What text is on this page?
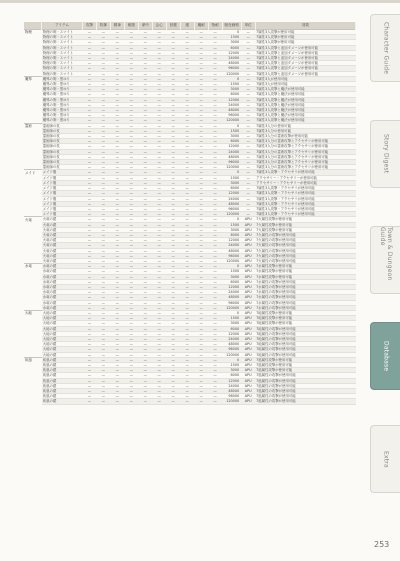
	アイテム	攻撃	防御	精神	敏捷	命中	会心	回避	運	魔耐	物耐	販売価格	単位	効果
物理	物理の剣・スマイト	—	—	—	—	—	—	—	—	—	—	0	—	7属性3人攻撃が使用可能
	物理の剣・スマイト	—	—	—	—	—	—	—	—	—	—	1500	—	7属性3人攻撃が使用可能
	物理の剣・スマイト	—	—	—	—	—	—	—	—	—	—	3000	—	7属性3人攻撃が使用可能
	物理の剣・スマイト	—	—	—	—	—	—	—	—	—	—	6000	—	7属性3人攻撃と追加ダメージが使用可能
	物理の剣・スマイト	—	—	—	—	—	—	—	—	—	—	12000	—	7属性3人攻撃と追加ダメージが使用可能
	物理の剣・スマイト	—	—	—	—	—	—	—	—	—	—	24000	—	7属性3人攻撃と追加ダメージが使用可能
	物理の剣・スマイト	—	—	—	—	—	—	—	—	—	—	48000	—	7属性3人攻撃と追加ダメージが使用可能
	物理の剣・スマイト	—	—	—	—	—	—	—	—	—	—	96000	—	7属性3人攻撃と追加ダメージが使用可能
	物理の剣・スマイト	—	—	—	—	—	—	—	—	—	—	120000	—	7属性3人攻撃と追加ダメージが使用可能
魔導	魔導の剣・黒ゆり	—	—	—	—	—	—	—	—	—	—	0	—	7属性3人が使用可能
	魔導の剣・黒ゆり	—	—	—	—	—	—	—	—	—	—	1500	—	7属性3人が使用可能
	魔導の剣・黒ゆり	—	—	—	—	—	—	—	—	—	—	3000	—	7属性3人攻撃と魔法が使用可能
	魔導の剣・黒ゆり	—	—	—	—	—	—	—	—	—	—	6000	—	7属性3人攻撃と魔法が使用可能
	魔導の剣・黒ゆり	—	—	—	—	—	—	—	—	—	—	12000	—	7属性3人攻撃と魔法が使用可能
	魔導の剣・黒ゆり	—	—	—	—	—	—	—	—	—	—	24000	—	7属性3人攻撃と魔法が使用可能
	魔導の剣・黒ゆり	—	—	—	—	—	—	—	—	—	—	48000	—	7属性3人攻撃と魔法が使用可能
	魔導の剣・黒ゆり	—	—	—	—	—	—	—	—	—	—	96000	—	7属性3人攻撃と魔法が使用可能
	魔導の剣・黒ゆり	—	—	—	—	—	—	—	—	—	—	120000	—	7属性3人攻撃と魔法が使用可能
霊術	霊術師の杖	—	—	—	—	—	—	—	—	—	—	0	—	7属性3人分の使用可能
	霊術師の杖	—	—	—	—	—	—	—	—	—	—	1500	—	7属性3人分の使用可能
	霊術師の杖	—	—	—	—	—	—	—	—	—	—	3000	—	7属性3人分の霊術攻撃が使用可能
	霊術師の杖	—	—	—	—	—	—	—	—	—	—	6000	—	7属性3人分の霊術攻撃とアクセサリが使用可能
	霊術師の杖	—	—	—	—	—	—	—	—	—	—	12000	—	7属性3人分の霊術攻撃とアクセサリが使用可能
	霊術師の杖	—	—	—	—	—	—	—	—	—	—	24000	—	7属性3人分の霊術攻撃とアクセサリが使用可能
	霊術師の杖	—	—	—	—	—	—	—	—	—	—	48000	—	7属性3人分の霊術攻撃とアクセサリが使用可能
	霊術師の杖	—	—	—	—	—	—	—	—	—	—	96000	—	7属性3人分の霊術攻撃とアクセサリが使用可能
	霊術師の杖	—	—	—	—	—	—	—	—	—	—	120000	—	7属性3人分の霊術攻撃とアクセサリが使用可能
メイド	メイド服	—	—	—	—	—	—	—	—	—	—	0	—	7属性3人攻撃・アクセサリが使用可能
	メイド服	—	—	—	—	—	—	—	—	—	—	1500	—	アクセサリー・アクセサリーが使用可能
	メイド服	—	—	—	—	—	—	—	—	—	—	3000	—	アクセサリー・アクセサリーが使用可能
	メイド服	—	—	—	—	—	—	—	—	—	—	6000	—	7属性3人攻撃・アクセサリが使用可能
	メイド服	—	—	—	—	—	—	—	—	—	—	12000	—	7属性3人攻撃・アクセサリが使用可能
	メイド服	—	—	—	—	—	—	—	—	—	—	24000	—	7属性3人攻撃・アクセサリが使用可能
	メイド服	—	—	—	—	—	—	—	—	—	—	48000	—	7属性3人攻撃・アクセサリが使用可能
	メイド服	—	—	—	—	—	—	—	—	—	—	96000	—	7属性3人攻撃・アクセサリが使用可能
	メイド服	—	—	—	—	—	—	—	—	—	—	120000	—	7属性3人攻撃・アクセサリが使用可能
火竜	火竜の鎧	—	—	—	—	—	—	—	—	—	—	0	APU	7火属性攻撃が使用可能
	火竜の鎧	—	—	—	—	—	—	—	—	—	—	1500	APU	7火属性攻撃が使用可能
	火竜の鎧	—	—	—	—	—	—	—	—	—	—	3000	APU	7火属性攻撃が使用可能
	火竜の鎧	—	—	—	—	—	—	—	—	—	—	6000	APU	7火属性の攻撃が使用可能
	火竜の鎧	—	—	—	—	—	—	—	—	—	—	12000	APU	7火属性の攻撃が使用可能
	火竜の鎧	—	—	—	—	—	—	—	—	—	—	24000	APU	7火属性の攻撃が使用可能
	火竜の鎧	—	—	—	—	—	—	—	—	—	—	48000	APU	7火属性の攻撃が使用可能
	火竜の鎧	—	—	—	—	—	—	—	—	—	—	96000	APU	7火属性の攻撃が使用可能
	火竜の鎧	—	—	—	—	—	—	—	—	—	—	120000	APU	7火属性の攻撃が使用可能
水竜	水竜の鎧	—	—	—	—	—	—	—	—	—	—	0	APU	7水属性攻撃が使用可能
	水竜の鎧	—	—	—	—	—	—	—	—	—	—	1500	APU	7水属性攻撃が使用可能
	水竜の鎧	—	—	—	—	—	—	—	—	—	—	3000	APU	7水属性攻撃が使用可能
	水竜の鎧	—	—	—	—	—	—	—	—	—	—	6000	APU	7水属性の攻撃が使用可能
	水竜の鎧	—	—	—	—	—	—	—	—	—	—	12000	APU	7水属性の攻撃が使用可能
	水竜の鎧	—	—	—	—	—	—	—	—	—	—	24000	APU	7水属性の攻撃が使用可能
	水竜の鎧	—	—	—	—	—	—	—	—	—	—	48000	APU	7水属性の攻撃が使用可能
	水竜の鎧	—	—	—	—	—	—	—	—	—	—	96000	APU	7水属性の攻撃が使用可能
	水竜の鎧	—	—	—	—	—	—	—	—	—	—	120000	APU	7水属性の攻撃が使用可能
大地	大地の鎧	—	—	—	—	—	—	—	—	—	—	0	APU	7地属性攻撃が使用可能
	大地の鎧	—	—	—	—	—	—	—	—	—	—	1500	APU	7地属性攻撃が使用可能
	大地の鎧	—	—	—	—	—	—	—	—	—	—	3000	APU	7地属性攻撃が使用可能
	大地の鎧	—	—	—	—	—	—	—	—	—	—	6000	APU	7地属性の攻撃が使用可能
	大地の鎧	—	—	—	—	—	—	—	—	—	—	12000	APU	7地属性の攻撃が使用可能
	大地の鎧	—	—	—	—	—	—	—	—	—	—	24000	APU	7地属性の攻撃が使用可能
	大地の鎧	—	—	—	—	—	—	—	—	—	—	48000	APU	7地属性の攻撃が使用可能
	大地の鎧	—	—	—	—	—	—	—	—	—	—	96000	APU	7地属性の攻撃が使用可能
	大地の鎧	—	—	—	—	—	—	—	—	—	—	120000	APU	7地属性の攻撃が使用可能
疾風	疾風の鎧	—	—	—	—	—	—	—	—	—	—	0	APU	7風属性攻撃が使用可能
	疾風の鎧	—	—	—	—	—	—	—	—	—	—	1500	APU	7風属性攻撃が使用可能
	疾風の鎧	—	—	—	—	—	—	—	—	—	—	3000	APU	7風属性攻撃が使用可能
	疾風の鎧	—	—	—	—	—	—	—	—	—	—	6000	APU	7風属性の攻撃が使用可能
	疾風の鎧	—	—	—	—	—	—	—	—	—	—	12000	APU	7風属性の攻撃が使用可能
	疾風の鎧	—	—	—	—	—	—	—	—	—	—	24000	APU	7風属性の攻撃が使用可能
	疾風の鎧	—	—	—	—	—	—	—	—	—	—	48000	APU	7風属性の攻撃が使用可能
	疾風の鎧	—	—	—	—	—	—	—	—	—	—	96000	APU	7風属性の攻撃が使用可能
	疾風の鎧	—	—	—	—	—	—	—	—	—	—	120000	APU	7風属性の攻撃が使用可能
Character Guide
Story Digest
Town & Dungeon Guide
Database
Extra
253
